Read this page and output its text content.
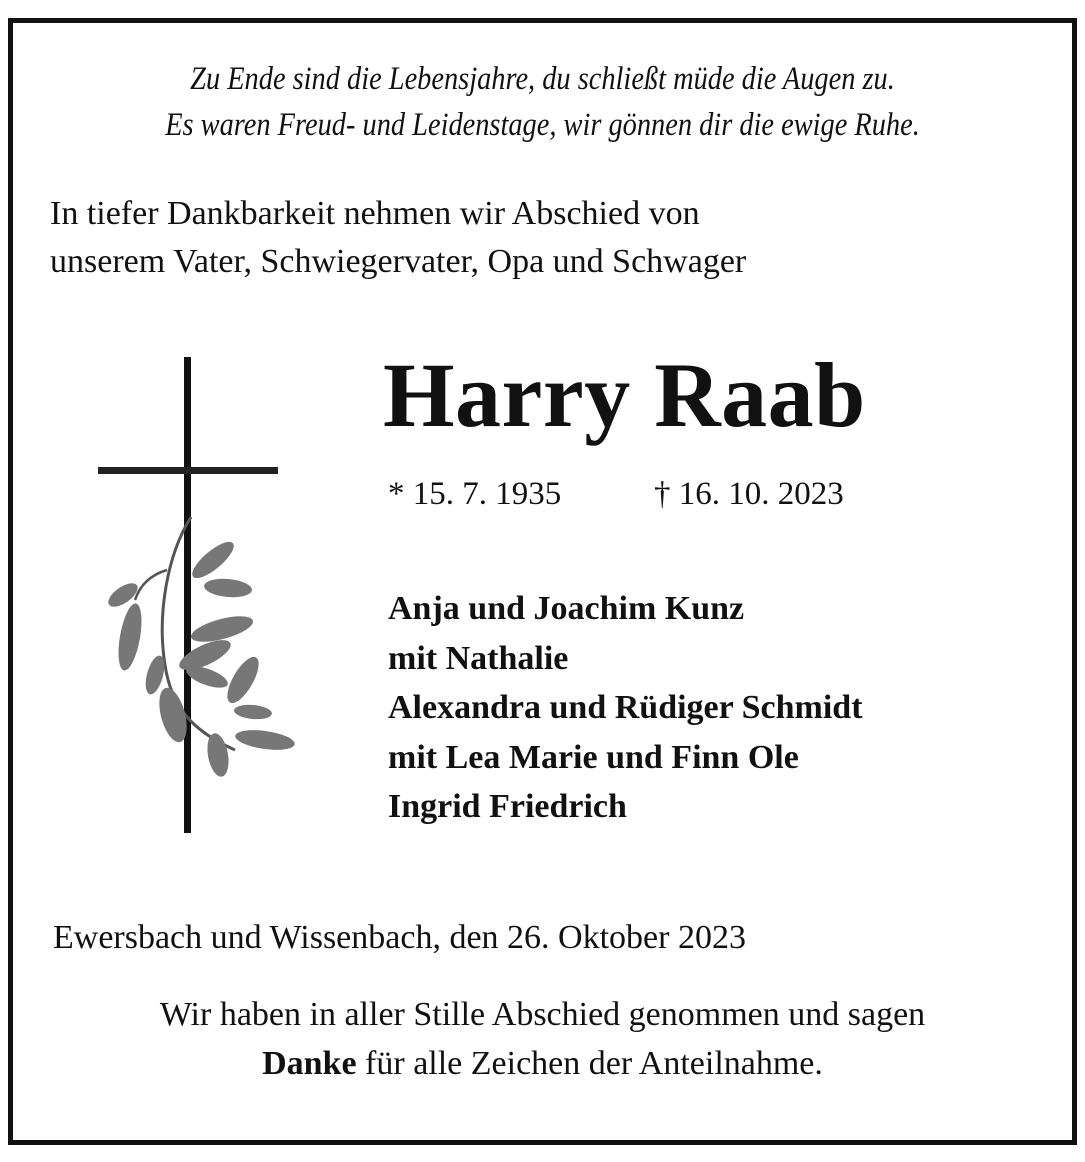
Zu Ende sind die Lebensjahre, du schließt müde die Augen zu.
Es waren Freud- und Leidenstage, wir gönnen dir die ewige Ruhe.
In tiefer Dankbarkeit nehmen wir Abschied von
unserem Vater, Schwiegervater, Opa und Schwager
Harry Raab
* 15. 7. 1935	† 16. 10. 2023
Anja und Joachim Kunz
mit Nathalie
Alexandra und Rüdiger Schmidt
mit Lea Marie und Finn Ole
Ingrid Friedrich
Ewersbach und Wissenbach, den 26. Oktober 2023
Wir haben in aller Stille Abschied genommen und sagen
Danke für alle Zeichen der Anteilnahme.
